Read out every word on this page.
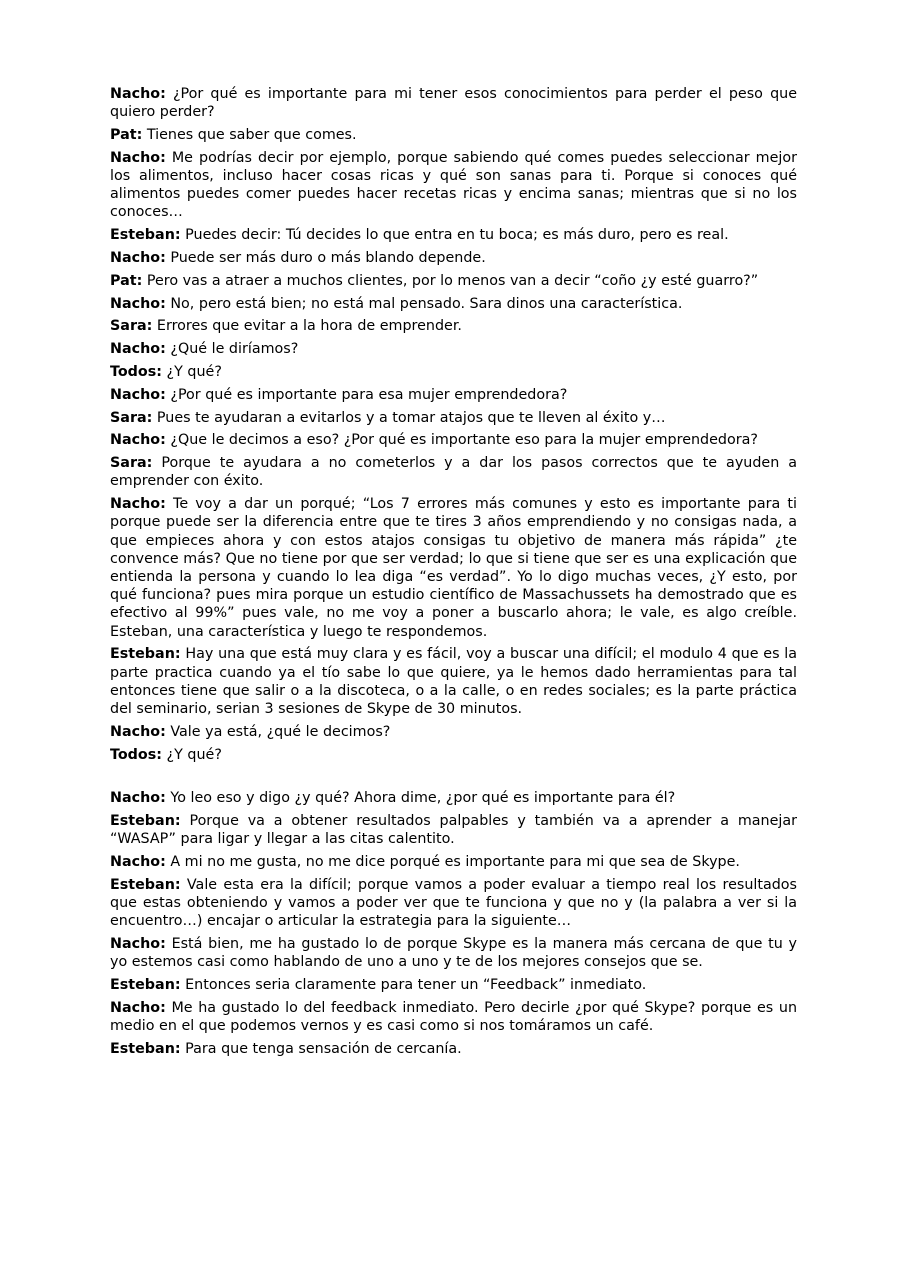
Nacho: ¿Por qué es importante para mi tener esos conocimientos para perder el peso que quiero perder?

Pat: Tienes que saber que comes.

Nacho: Me podrías decir por ejemplo, porque sabiendo qué comes puedes seleccionar mejor los alimentos, incluso hacer cosas ricas y qué son sanas para ti. Porque si conoces qué alimentos puedes comer puedes hacer recetas ricas y encima sanas; mientras que si no los conoces…

Esteban: Puedes decir: Tú decides lo que entra en tu boca; es más duro, pero es real.

Nacho: Puede ser más duro o más blando depende.

Pat: Pero vas a atraer a muchos clientes, por lo menos van a decir “coño ¿y esté guarro?”

Nacho: No, pero está bien; no está mal pensado. Sara dinos una característica.

Sara: Errores que evitar a la hora de emprender.

Nacho: ¿Qué le diríamos?

Todos: ¿Y qué?

Nacho: ¿Por qué es importante para esa mujer emprendedora?

Sara: Pues te ayudaran a evitarlos y a tomar atajos que te lleven al éxito y…

Nacho: ¿Que le decimos a eso? ¿Por qué es importante eso para la mujer emprendedora?

Sara: Porque te ayudara a no cometerlos y a dar los pasos correctos que te ayuden a emprender con éxito.

Nacho: Te voy a dar un porqué; “Los 7 errores más comunes y esto es importante para ti porque puede ser la diferencia entre que te tires 3 años emprendiendo y no consigas nada, a que empieces ahora y con estos atajos consigas tu objetivo de manera más rápida” ¿te convence más? Que no tiene por que ser verdad; lo que si tiene que ser es una explicación que entienda la persona y cuando lo lea diga “es verdad”. Yo lo digo muchas veces, ¿Y esto, por qué funciona? pues mira porque un estudio científico de Massachussets ha demostrado que es efectivo al 99%” pues vale, no me voy a poner a buscarlo ahora; le vale, es algo creíble. Esteban, una característica y luego te respondemos.

Esteban: Hay una que está muy clara y es fácil, voy a buscar una difícil; el modulo 4 que es la parte practica cuando ya el tío sabe lo que quiere, ya le hemos dado herramientas para tal entonces tiene que salir o a la discoteca, o a la calle, o en redes sociales; es la parte práctica del seminario, serian 3 sesiones de Skype de 30 minutos.

Nacho: Vale ya está, ¿qué le decimos?

Todos: ¿Y qué?

Nacho: Yo leo eso y digo ¿y qué? Ahora dime, ¿por qué es importante para él?

Esteban: Porque va a obtener resultados palpables y también va a aprender a manejar “WASAP” para ligar y llegar a las citas calentito.

Nacho: A mi no me gusta, no me dice porqué es importante para mi que sea de Skype.

Esteban: Vale esta era la difícil; porque vamos a poder evaluar a tiempo real los resultados que estas obteniendo y vamos a poder ver que te funciona y que no y (la palabra a ver si la encuentro…) encajar o articular la estrategia para la siguiente…

Nacho: Está bien, me ha gustado lo de porque Skype es la manera más cercana de que tu y yo estemos casi como hablando de uno a uno y te de los mejores consejos que se.

Esteban: Entonces seria claramente para tener un “Feedback” inmediato.

Nacho: Me ha gustado lo del feedback inmediato. Pero decirle ¿por qué Skype? porque es un medio en el que podemos vernos y es casi como si nos tomáramos un café.

Esteban: Para que tenga sensación de cercanía.
